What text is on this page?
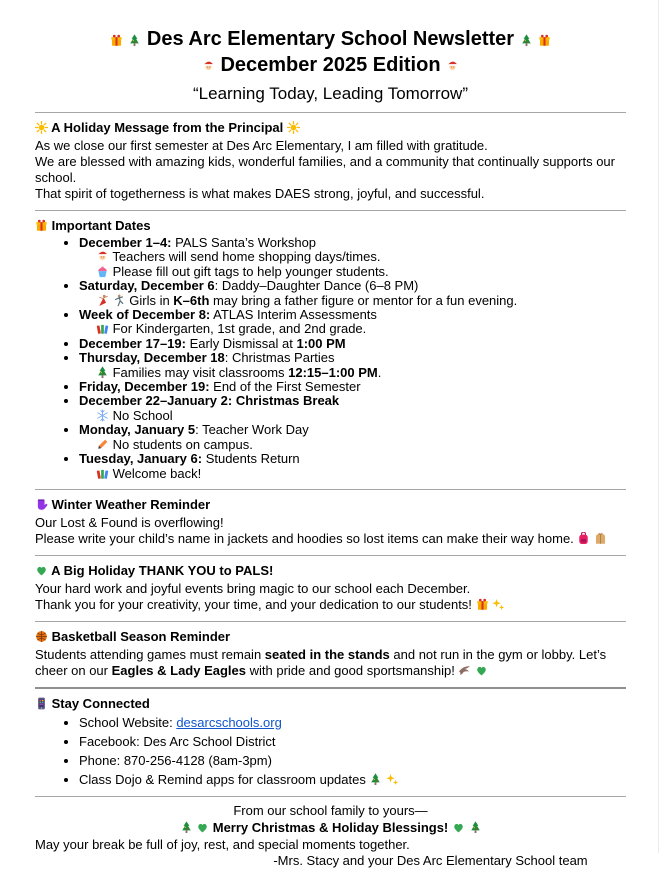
Des Arc Elementary School Newsletter
December 2025 Edition
“Learning Today, Leading Tomorrow”
A Holiday Message from the Principal
As we close our first semester at Des Arc Elementary, I am filled with gratitude.
We are blessed with amazing kids, wonderful families, and a community that continually supports our school.
That spirit of togetherness is what makes DAES strong, joyful, and successful.
Important Dates
• December 1–4: PALS Santa’s Workshop
Teachers will send home shopping days/times.
Please fill out gift tags to help younger students.
• Saturday, December 6: Daddy–Daughter Dance (6–8 PM)
Girls in K–6th may bring a father figure or mentor for a fun evening.
• Week of December 8: ATLAS Interim Assessments
For Kindergarten, 1st grade, and 2nd grade.
• December 17–19: Early Dismissal at 1:00 PM
• Thursday, December 18: Christmas Parties
Families may visit classrooms 12:15–1:00 PM.
• Friday, December 19: End of the First Semester
• December 22–January 2: Christmas Break
No School
• Monday, January 5: Teacher Work Day
No students on campus.
• Tuesday, January 6: Students Return
Welcome back!
Winter Weather Reminder
Our Lost & Found is overflowing!
Please write your child’s name in jackets and hoodies so lost items can make their way home.
A Big Holiday THANK YOU to PALS!
Your hard work and joyful events bring magic to our school each December.
Thank you for your creativity, your time, and your dedication to our students!
Basketball Season Reminder
Students attending games must remain seated in the stands and not run in the gym or lobby. Let’s cheer on our Eagles & Lady Eagles with pride and good sportsmanship!
Stay Connected
• School Website: desarcschools.org
• Facebook: Des Arc School District
• Phone: 870-256-4128 (8am-3pm)
• Class Dojo & Remind apps for classroom updates
From our school family to yours—
Merry Christmas & Holiday Blessings!
May your break be full of joy, rest, and special moments together.
-Mrs. Stacy and your Des Arc Elementary School team
